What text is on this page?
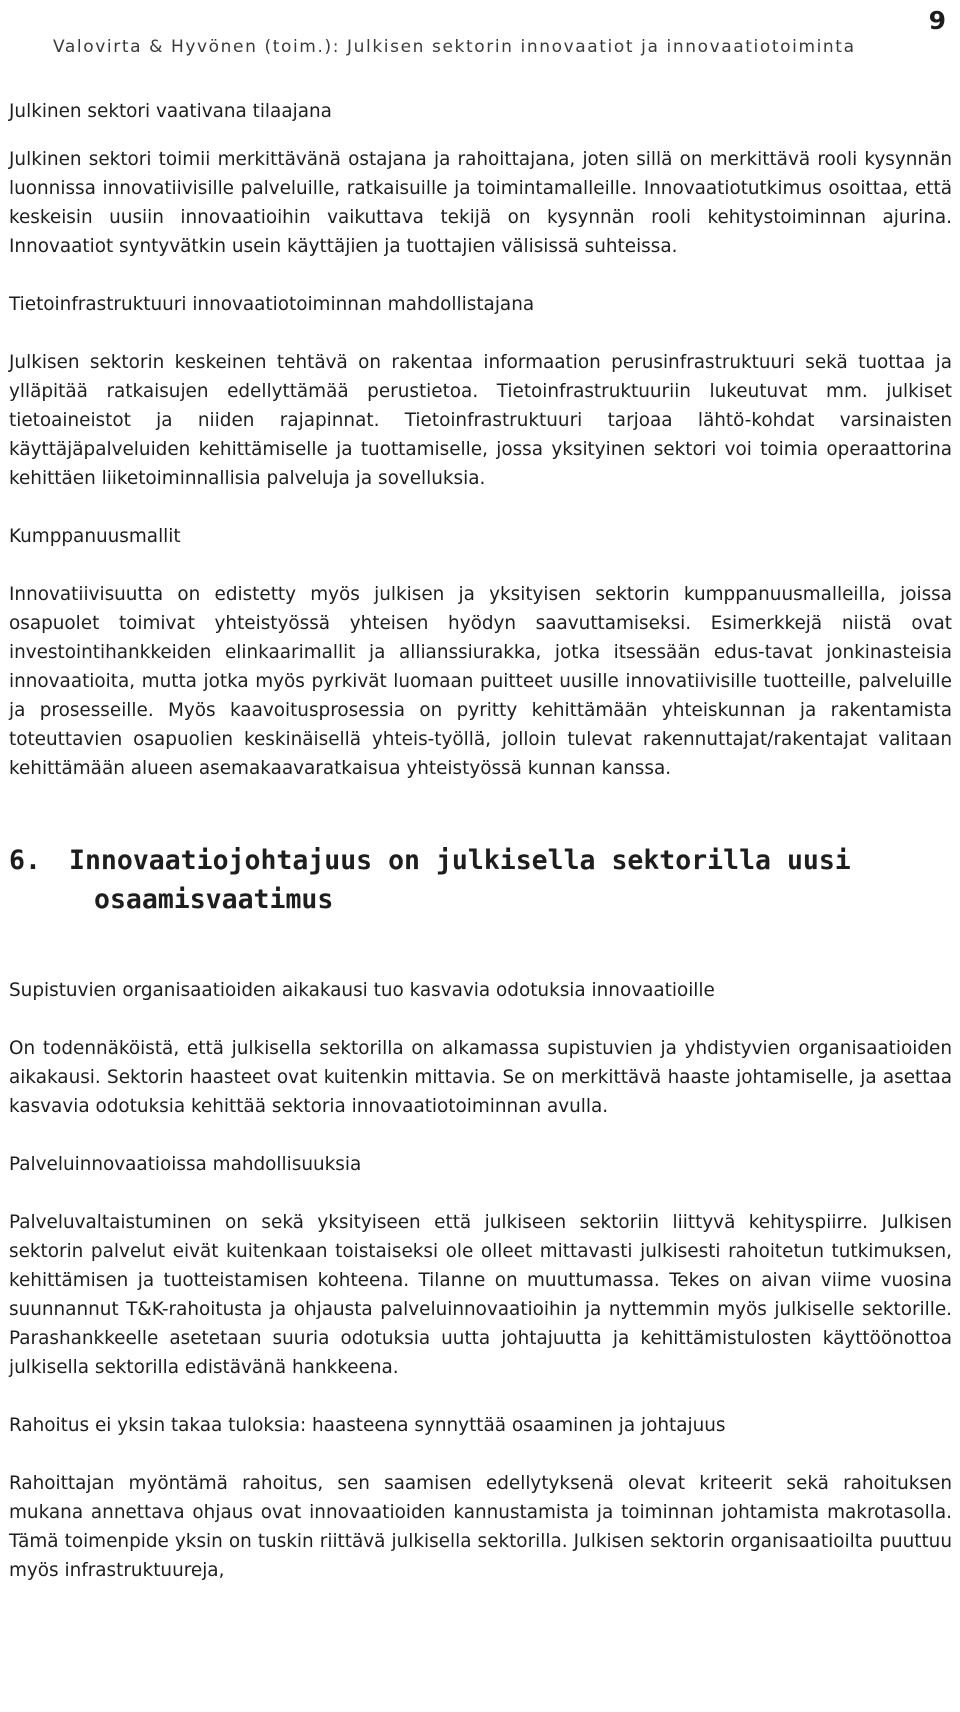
Valovirta & Hyvönen (toim.): Julkisen sektorin innovaatiot ja innovaatiotoiminta
9

Julkinen sektori vaativana tilaajana

Julkinen sektori toimii merkittävänä ostajana ja rahoittajana, joten sillä on merkittävä rooli kysynnän luonnissa innovatiivisille palveluille, ratkaisuille ja toimintamalleille. Innovaatiotutkimus osoittaa, että keskeisin uusiin innovaatioihin vaikuttava tekijä on kysynnän rooli kehitystoiminnan ajurina. Innovaatiot syntyvätkin usein käyttäjien ja tuottajien välisissä suhteissa.

Tietoinfrastruktuuri innovaatiotoiminnan mahdollistajana

Julkisen sektorin keskeinen tehtävä on rakentaa informaation perusinfrastruktuuri sekä tuottaa ja ylläpitää ratkaisujen edellyttämää perustietoa. Tietoinfrastruktuuriin lukeutuvat mm. julkiset tietoaineistot ja niiden rajapinnat. Tietoinfrastruktuuri tarjoaa lähtö-kohdat varsinaisten käyttäjäpalveluiden kehittämiselle ja tuottamiselle, jossa yksityinen sektori voi toimia operaattorina kehittäen liiketoiminnallisia palveluja ja sovelluksia.

Kumppanuusmallit

Innovatiivisuutta on edistetty myös julkisen ja yksityisen sektorin kumppanuusmalleilla, joissa osapuolet toimivat yhteistyössä yhteisen hyödyn saavuttamiseksi. Esimerkkejä niistä ovat investointihankkeiden elinkaarimallit ja allianssiurakka, jotka itsessään edus-tavat jonkinasteisia innovaatioita, mutta jotka myös pyrkivät luomaan puitteet uusille innovatiivisille tuotteille, palveluille ja prosesseille. Myös kaavoitusprosessia on pyritty kehittämään yhteiskunnan ja rakentamista toteuttavien osapuolien keskinäisellä yhteis-työllä, jolloin tulevat rakennuttajat/rakentajat valitaan kehittämään alueen asemakaavaratkaisua yhteistyössä kunnan kanssa.

6. Innovaatiojohtajuus on julkisella sektorilla uusi
osaamisvaatimus

Supistuvien organisaatioiden aikakausi tuo kasvavia odotuksia innovaatioille

On todennäköistä, että julkisella sektorilla on alkamassa supistuvien ja yhdistyvien organisaatioiden aikakausi. Sektorin haasteet ovat kuitenkin mittavia. Se on merkittävä haaste johtamiselle, ja asettaa kasvavia odotuksia kehittää sektoria innovaatiotoiminnan avulla.

Palveluinnovaatioissa mahdollisuuksia

Palveluvaltaistuminen on sekä yksityiseen että julkiseen sektoriin liittyvä kehityspiirre. Julkisen sektorin palvelut eivät kuitenkaan toistaiseksi ole olleet mittavasti julkisesti rahoitetun tutkimuksen, kehittämisen ja tuotteistamisen kohteena. Tilanne on muuttumassa. Tekes on aivan viime vuosina suunnannut T&K-rahoitusta ja ohjausta palveluinnovaatioihin ja nyttemmin myös julkiselle sektorille. Parashankkeelle asetetaan suuria odotuksia uutta johtajuutta ja kehittämistulosten käyttöönottoa julkisella sektorilla edistävänä hankkeena.

Rahoitus ei yksin takaa tuloksia: haasteena synnyttää osaaminen ja johtajuus

Rahoittajan myöntämä rahoitus, sen saamisen edellytyksenä olevat kriteerit sekä rahoituksen mukana annettava ohjaus ovat innovaatioiden kannustamista ja toiminnan johtamista makrotasolla. Tämä toimenpide yksin on tuskin riittävä julkisella sektorilla. Julkisen sektorin organisaatioilta puuttuu myös infrastruktuureja,
